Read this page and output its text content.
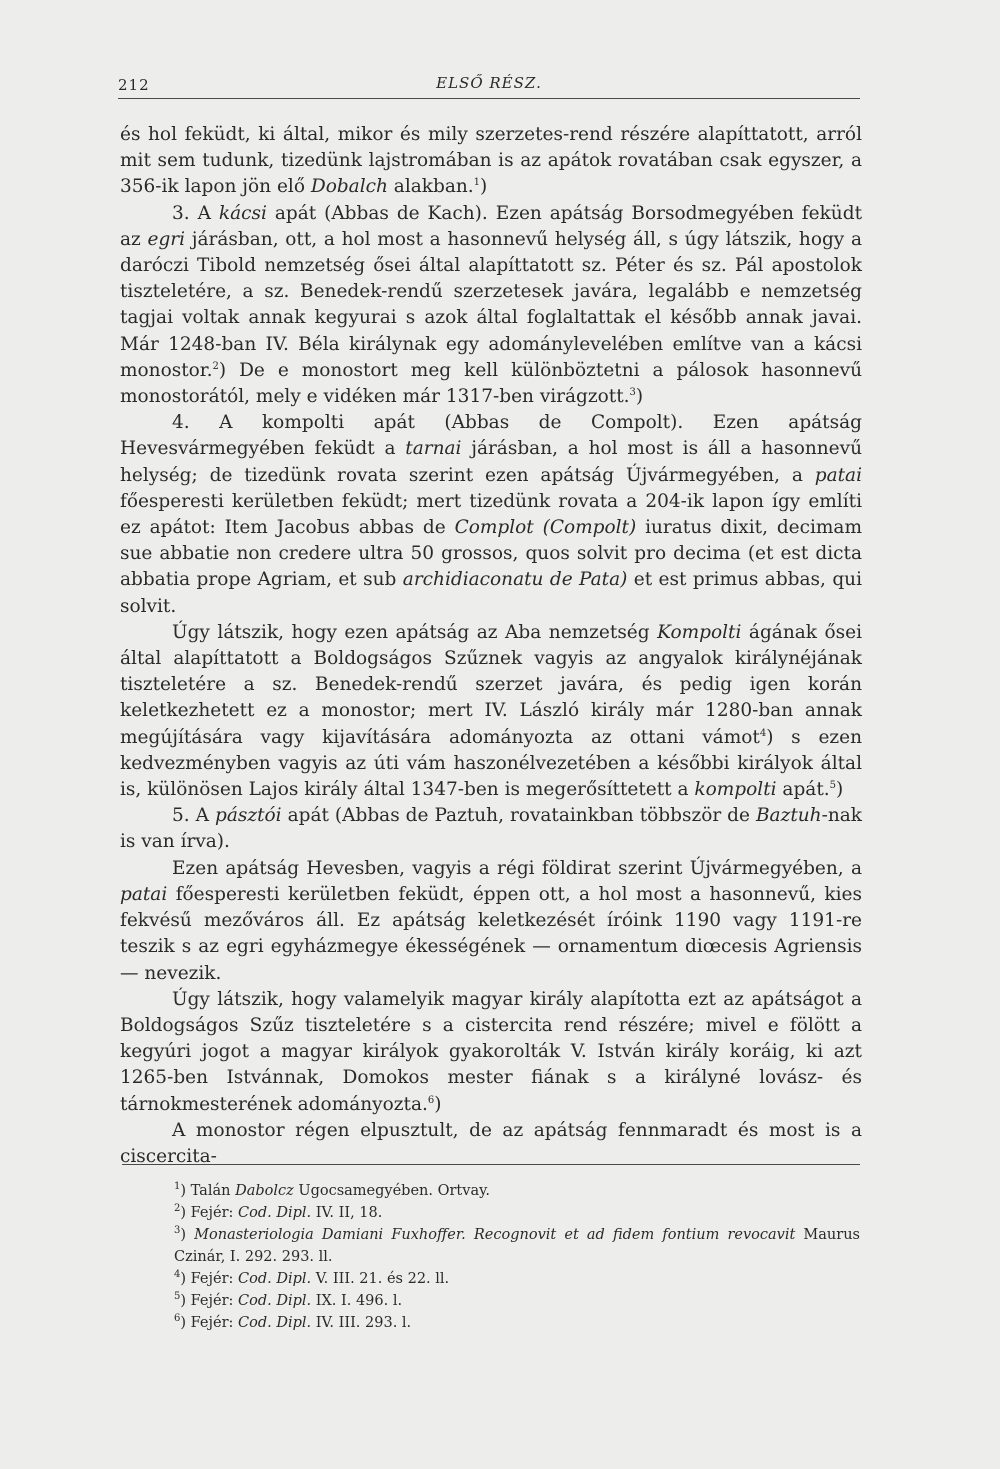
212	ELSŐ RÉSZ.

és hol feküdt, ki által, mikor és mily szerzetes-rend részére alapíttatott, arról mit sem tudunk, tizedünk lajstromában is az apátok rovatában csak egyszer, a 356-ik lapon jön elő Dobalch alakban.$^1$)

3. A kácsi apát (Abbas de Kach). Ezen apátság Borsodmegyében feküdt az egri járásban, ott, a hol most a hasonnevű helység áll, s úgy látszik, hogy a daróczi Tibold nemzetség ősei által alapíttatott sz. Péter és sz. Pál apostolok tiszteletére, a sz. Benedek-rendű szerzetesek javára, legalább e nemzetség tagjai voltak annak kegyurai s azok által foglaltattak el később annak javai. Már 1248-ban IV. Béla királynak egy adománylevelében említve van a kácsi monostor.$^2$) De e monostort meg kell különböztetni a pálosok hasonnevű monostorától, mely e vidéken már 1317-ben virágzott.$^3$)

4. A kompolti apát (Abbas de Compolt). Ezen apátság Hevesvármegyében feküdt a tarnai járásban, a hol most is áll a hasonnevű helység; de tizedünk rovata szerint ezen apátság Újvármegyében, a patai főesperesti kerületben feküdt; mert tizedünk rovata a 204-ik lapon így említi ez apátot: Item Jacobus abbas de Complot (Compolt) iuratus dixit, decimam sue abbatie non credere ultra 50 grossos, quos solvit pro decima (et est dicta abbatia prope Agriam, et sub archidiaconatu de Pata) et est primus abbas, qui solvit.

Úgy látszik, hogy ezen apátság az Aba nemzetség Kompolti ágának ősei által alapíttatott a Boldogságos Szűznek vagyis az angyalok királynéjának tiszteletére a sz. Benedek-rendű szerzet javára, és pedig igen korán keletkezhetett ez a monostor; mert IV. László király már 1280-ban annak megújítására vagy kijavítására adományozta az ottani vámot$^4$) s ezen kedvezményben vagyis az úti vám haszonélvezetében a későbbi királyok által is, különösen Lajos király által 1347-ben is megerősíttetett a kompolti apát.$^5$)

5. A pásztói apát (Abbas de Paztuh, rovatainkban többször de Baztuh-nak is van írva).

Ezen apátság Hevesben, vagyis a régi földirat szerint Újvármegyében, a patai főesperesti kerületben feküdt, éppen ott, a hol most a hasonnevű, kies fekvésű mezőváros áll. Ez apátság keletkezését íróink 1190 vagy 1191-re teszik s az egri egyházmegye ékességének — ornamentum diœcesis Agriensis — nevezik.

Úgy látszik, hogy valamelyik magyar király alapította ezt az apátságot a Boldogságos Szűz tiszteletére s a cistercita rend részére; mivel e fölött a kegyúri jogot a magyar királyok gyakorolták V. István király koráig, ki azt 1265-ben Istvánnak, Domokos mester fiának s a királyné lovász- és tárnokmesterének adományozta.$^6$)

A monostor régen elpusztult, de az apátság fennmaradt és most is a ciscercita-

$^1$) Talán Dabolcz Ugocsamegyében. Ortvay.
$^2$) Fejér: Cod. Dipl. IV. II, 18.
$^3$) Monasteriologia Damiani Fuxhoffer. Recognovit et ad fidem fontium revocavit Maurus Czinár, I. 292. 293. ll.
$^4$) Fejér: Cod. Dipl. V. III. 21. és 22. ll.
$^5$) Fejér: Cod. Dipl. IX. I. 496. l.
$^6$) Fejér: Cod. Dipl. IV. III. 293. l.
